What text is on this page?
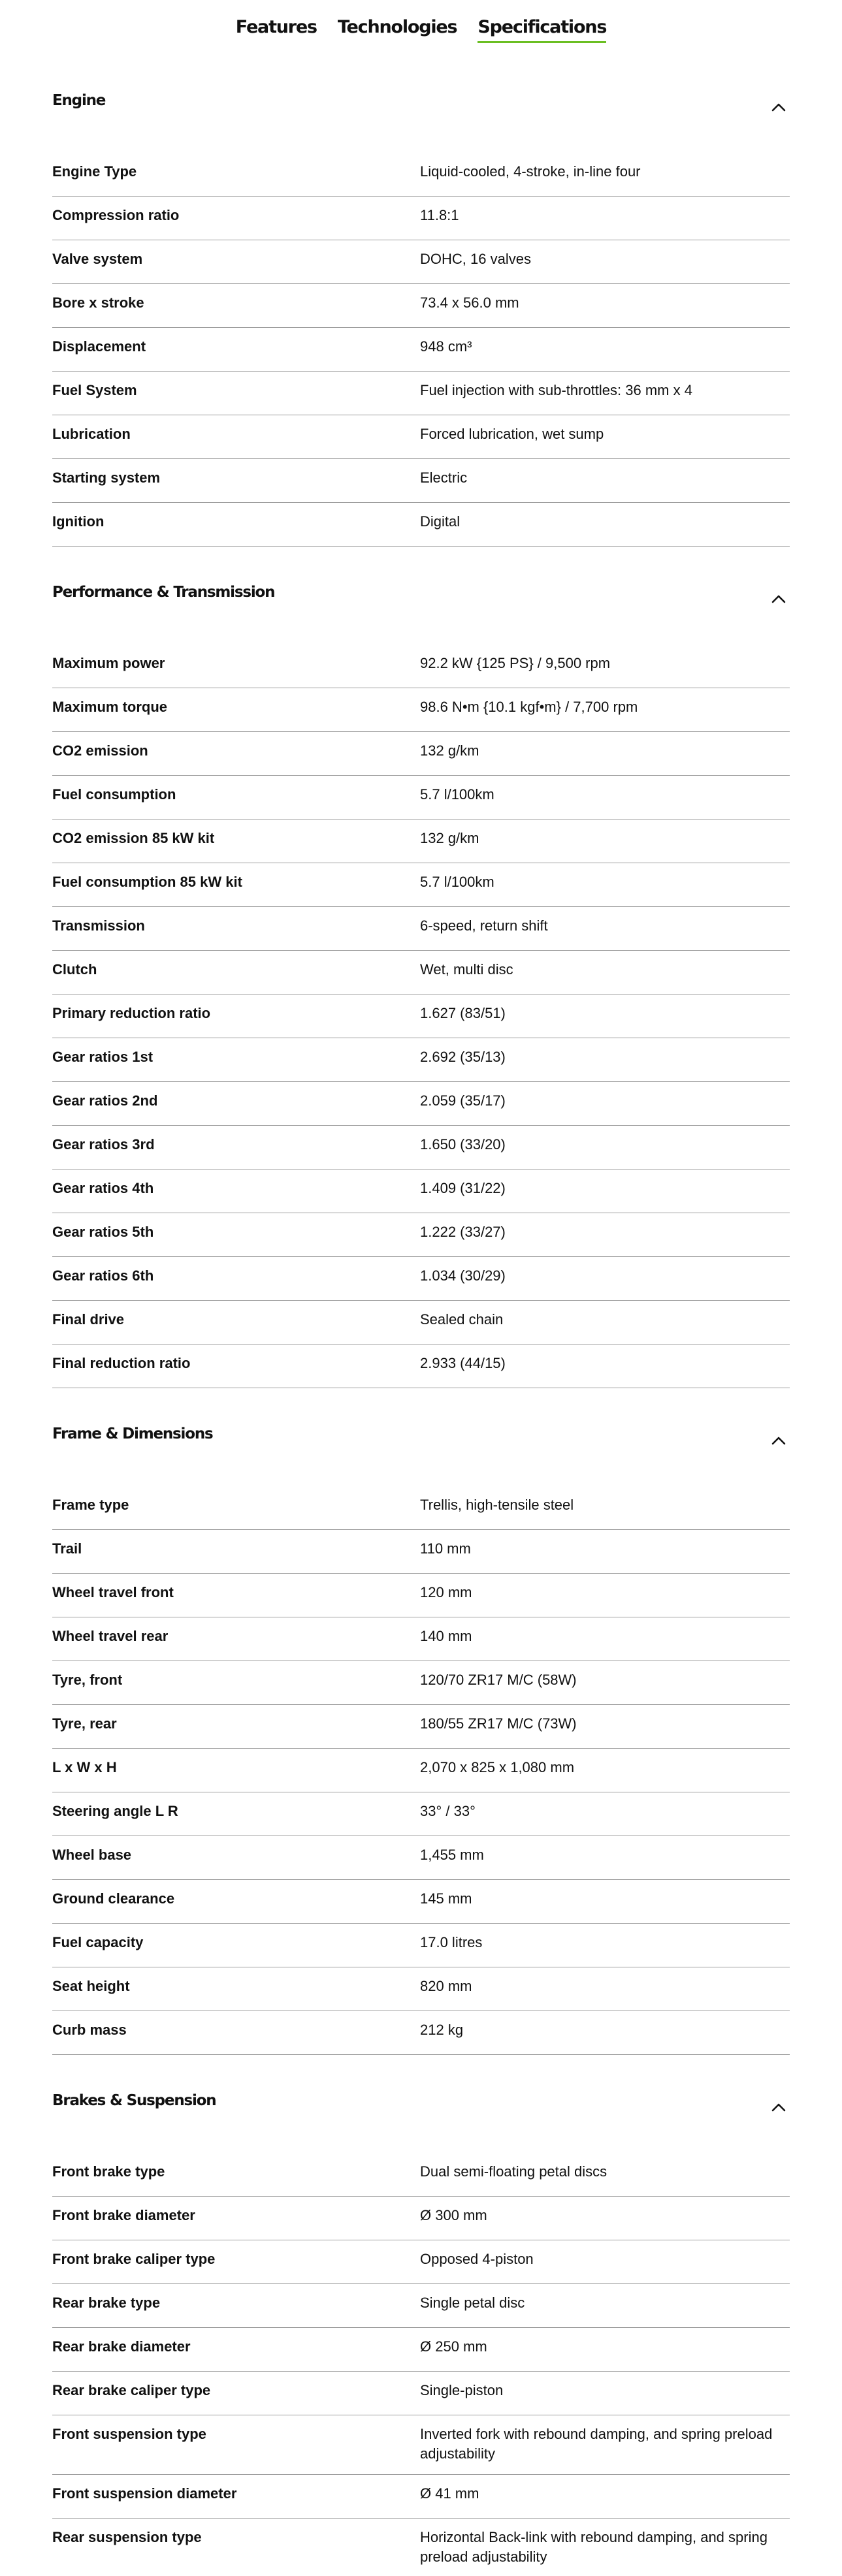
Features Technologies Specifications
Engine
Engine Type	Liquid-cooled, 4-stroke, in-line four
Compression ratio	11.8:1
Valve system	DOHC, 16 valves
Bore x stroke	73.4 x 56.0 mm
Displacement	948 cm³
Fuel System	Fuel injection with sub-throttles: 36 mm x 4
Lubrication	Forced lubrication, wet sump
Starting system	Electric
Ignition	Digital
Performance & Transmission
Maximum power	92.2 kW {125 PS} / 9,500 rpm
Maximum torque	98.6 N•m {10.1 kgf•m} / 7,700 rpm
CO2 emission	132 g/km
Fuel consumption	5.7 l/100km
CO2 emission 85 kW kit	132 g/km
Fuel consumption 85 kW kit	5.7 l/100km
Transmission	6-speed, return shift
Clutch	Wet, multi disc
Primary reduction ratio	1.627 (83/51)
Gear ratios 1st	2.692 (35/13)
Gear ratios 2nd	2.059 (35/17)
Gear ratios 3rd	1.650 (33/20)
Gear ratios 4th	1.409 (31/22)
Gear ratios 5th	1.222 (33/27)
Gear ratios 6th	1.034 (30/29)
Final drive	Sealed chain
Final reduction ratio	2.933 (44/15)
Frame & Dimensions
Frame type	Trellis, high-tensile steel
Trail	110 mm
Wheel travel front	120 mm
Wheel travel rear	140 mm
Tyre, front	120/70 ZR17 M/C (58W)
Tyre, rear	180/55 ZR17 M/C (73W)
L x W x H	2,070 x 825 x 1,080 mm
Steering angle L R	33° / 33°
Wheel base	1,455 mm
Ground clearance	145 mm
Fuel capacity	17.0 litres
Seat height	820 mm
Curb mass	212 kg
Brakes & Suspension
Front brake type	Dual semi-floating petal discs
Front brake diameter	Ø 300 mm
Front brake caliper type	Opposed 4-piston
Rear brake type	Single petal disc
Rear brake diameter	Ø 250 mm
Rear brake caliper type	Single-piston
Front suspension type	Inverted fork with rebound damping, and spring preload adjustability
Front suspension diameter	Ø 41 mm
Rear suspension type	Horizontal Back-link with rebound damping, and spring preload adjustability
